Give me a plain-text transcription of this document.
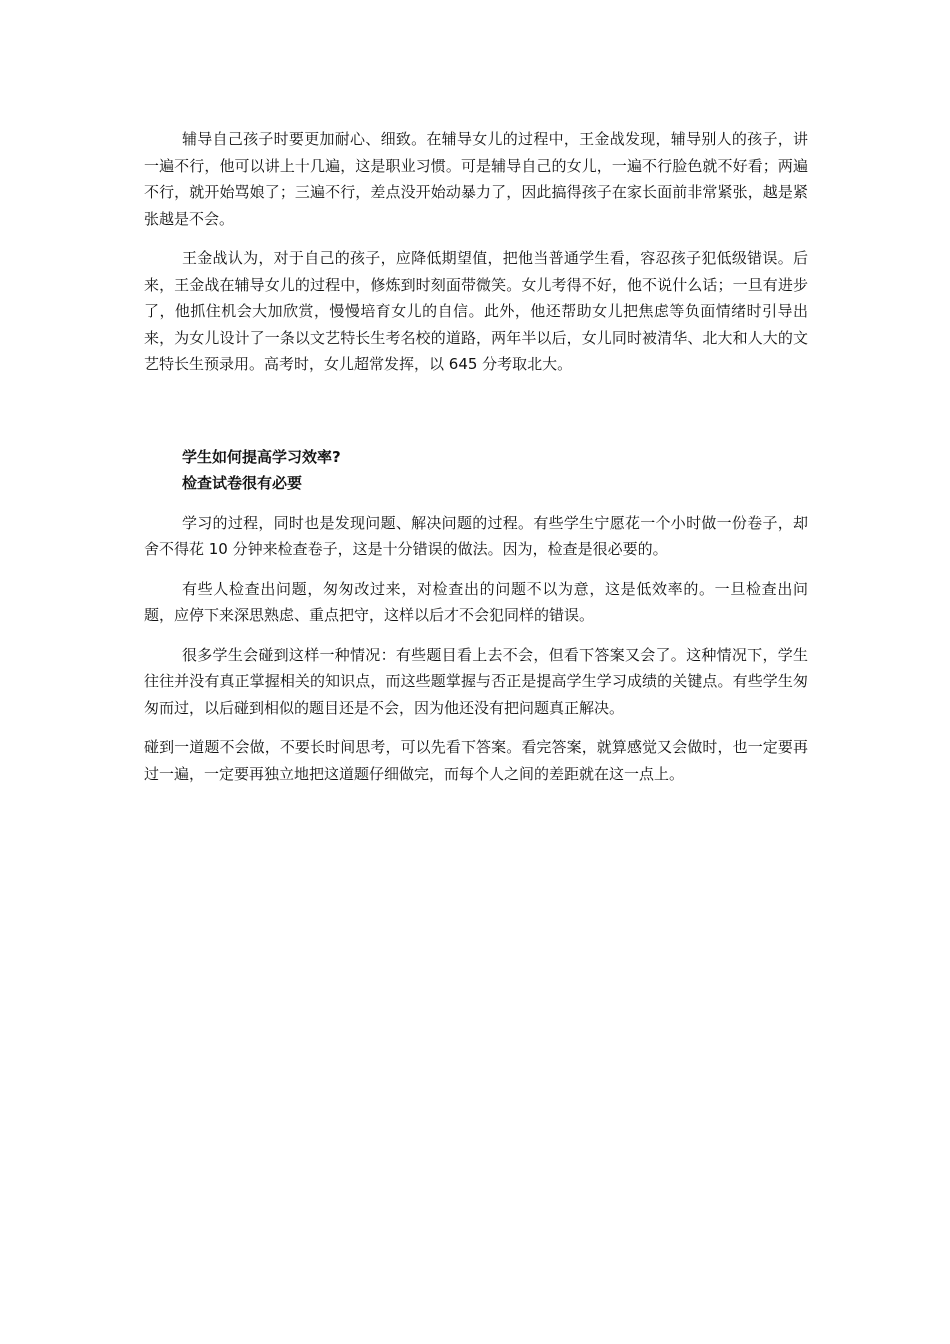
辅导自己孩子时要更加耐心、细致。在辅导女儿的过程中，王金战发现，辅导别人的孩子，讲一遍不行，他可以讲上十几遍，这是职业习惯。可是辅导自己的女儿，一遍不行脸色就不好看；两遍不行，就开始骂娘了；三遍不行，差点没开始动暴力了，因此搞得孩子在家长面前非常紧张，越是紧张越是不会。

王金战认为，对于自己的孩子，应降低期望值，把他当普通学生看，容忍孩子犯低级错误。后来，王金战在辅导女儿的过程中，修炼到时刻面带微笑。女儿考得不好，他不说什么话；一旦有进步了，他抓住机会大加欣赏，慢慢培育女儿的自信。此外，他还帮助女儿把焦虑等负面情绪时引导出来，为女儿设计了一条以文艺特长生考名校的道路，两年半以后，女儿同时被清华、北大和人大的文艺特长生预录用。高考时，女儿超常发挥，以 645 分考取北大。

学生如何提高学习效率?
检查试卷很有必要

学习的过程，同时也是发现问题、解决问题的过程。有些学生宁愿花一个小时做一份卷子，却舍不得花 10 分钟来检查卷子，这是十分错误的做法。因为，检查是很必要的。

有些人检查出问题，匆匆改过来，对检查出的问题不以为意，这是低效率的。一旦检查出问题，应停下来深思熟虑、重点把守，这样以后才不会犯同样的错误。

很多学生会碰到这样一种情况：有些题目看上去不会，但看下答案又会了。这种情况下，学生往往并没有真正掌握相关的知识点，而这些题掌握与否正是提高学生学习成绩的关键点。有些学生匆匆而过，以后碰到相似的题目还是不会，因为他还没有把问题真正解决。

碰到一道题不会做，不要长时间思考，可以先看下答案。看完答案，就算感觉又会做时，也一定要再过一遍，一定要再独立地把这道题仔细做完，而每个人之间的差距就在这一点上。
